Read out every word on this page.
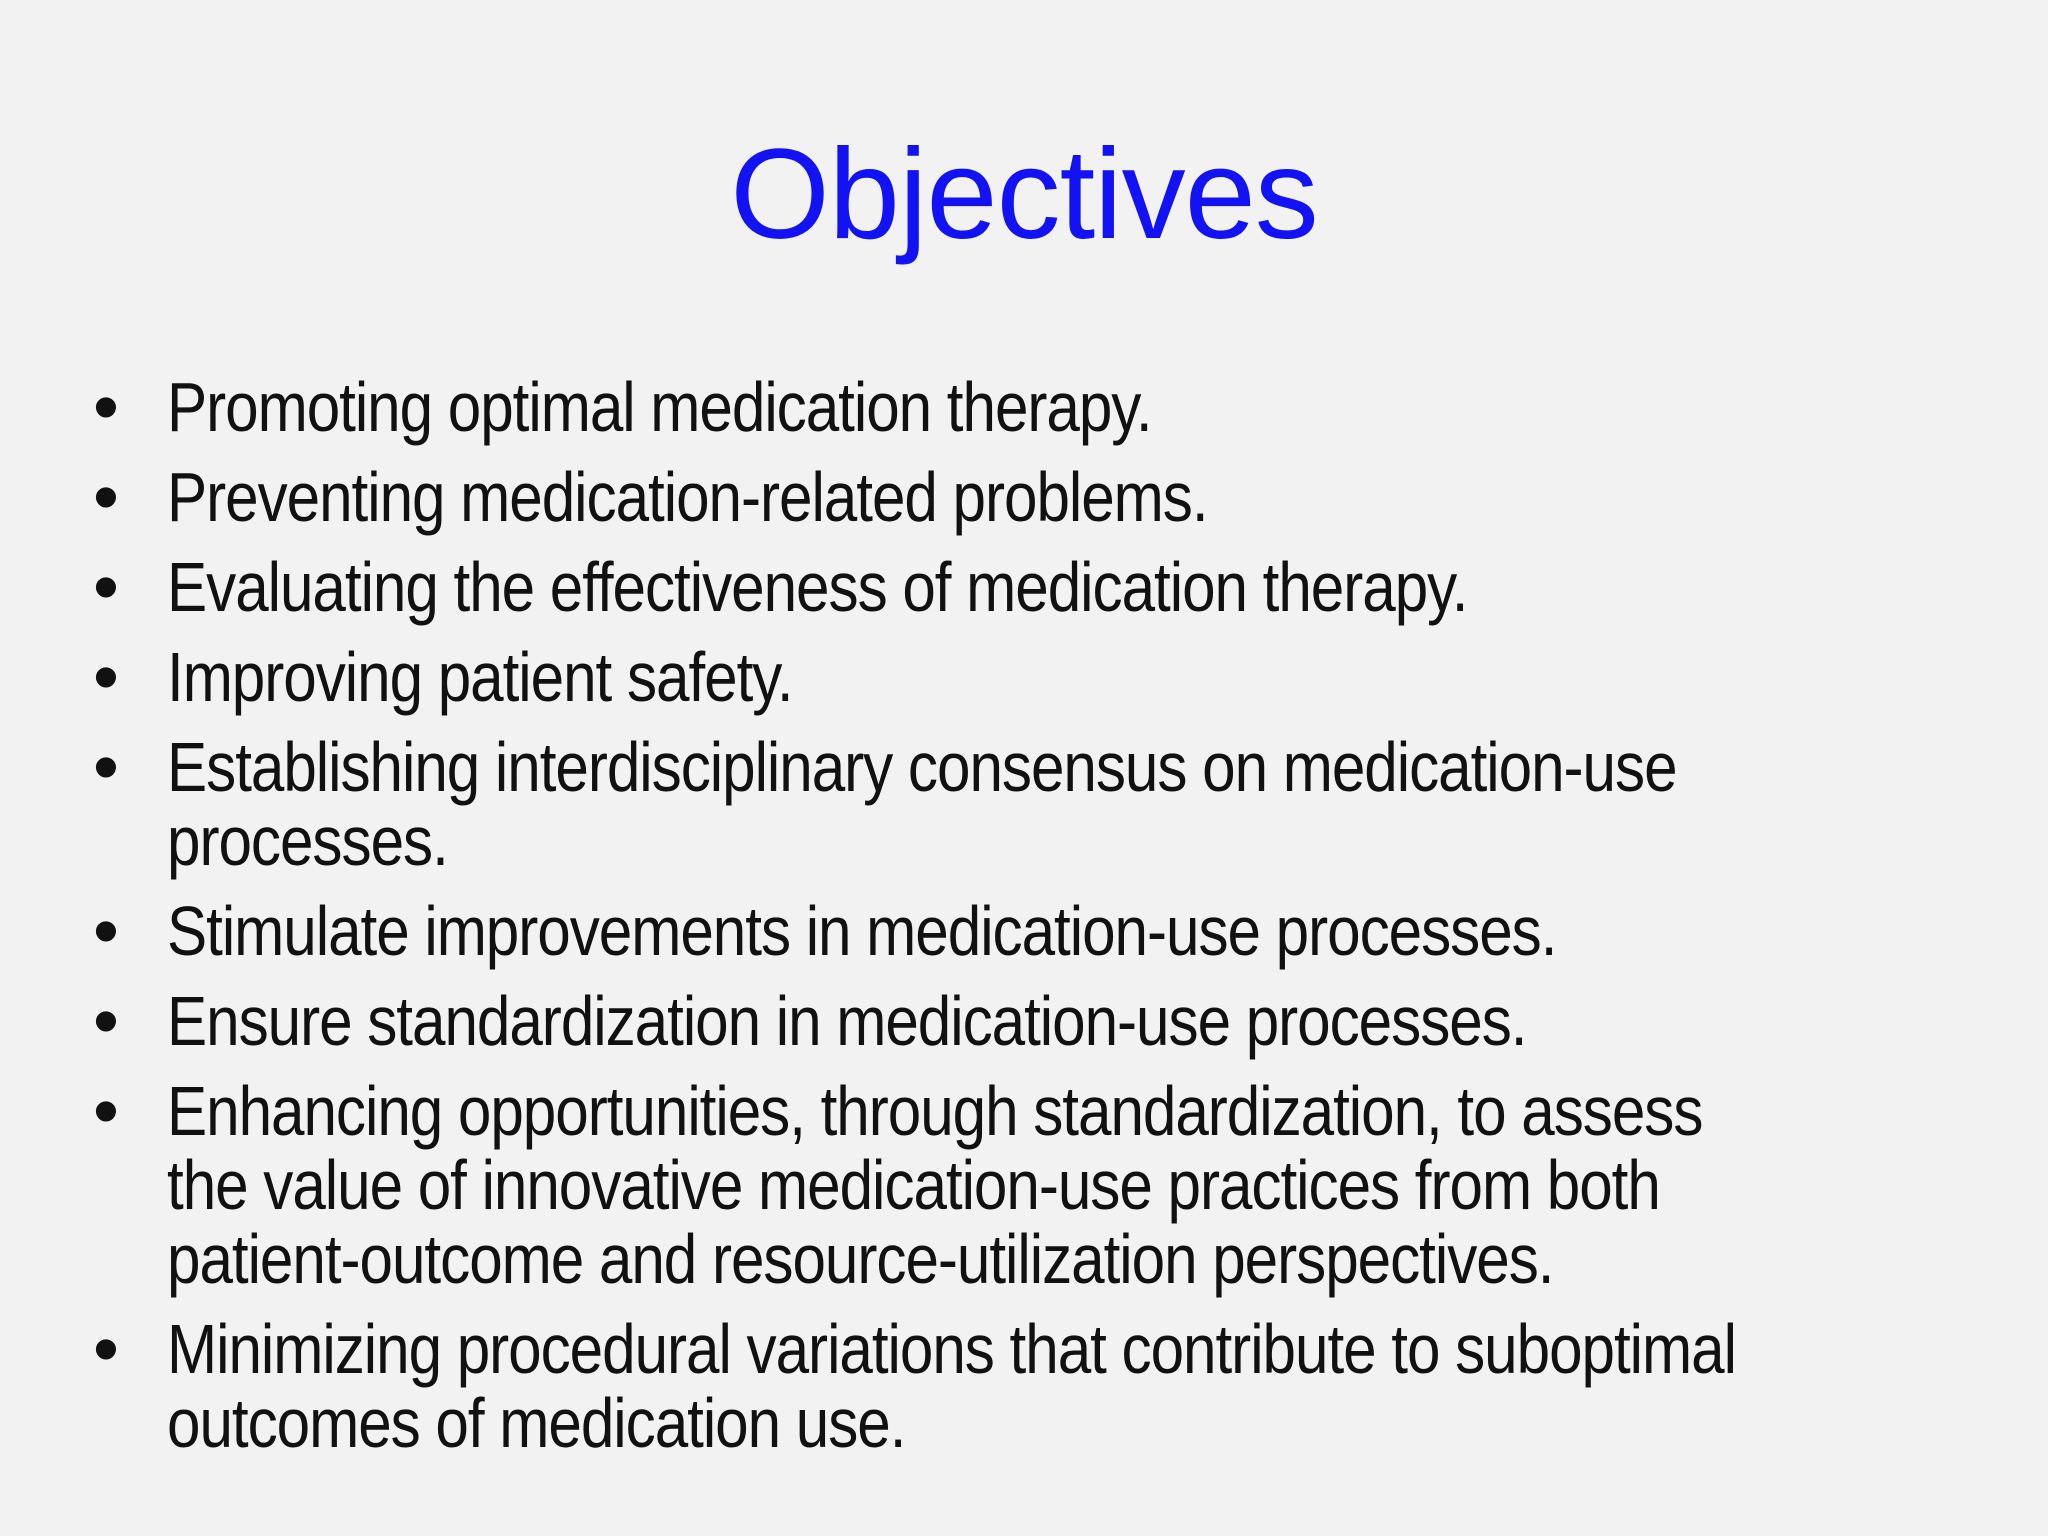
Objectives
• Promoting optimal medication therapy.
• Preventing medication-related problems.
• Evaluating the effectiveness of medication therapy.
• Improving patient safety.
• Establishing interdisciplinary consensus on medication-use processes.
• Stimulate improvements in medication-use processes.
• Ensure standardization in medication-use processes.
• Enhancing opportunities, through standardization, to assess the value of innovative medication-use practices from both patient-outcome and resource-utilization perspectives.
• Minimizing procedural variations that contribute to suboptimal outcomes of medication use.
